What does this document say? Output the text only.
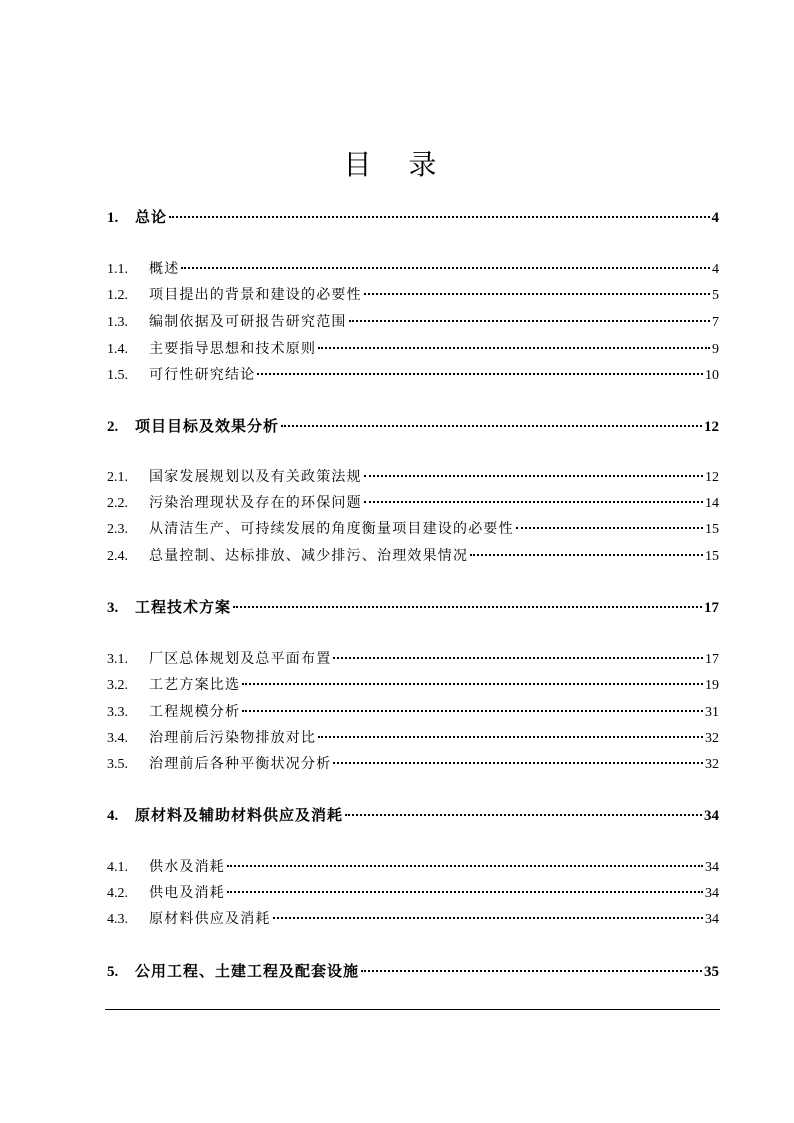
目 录
1.	总论	4
1.1.	概述	4
1.2.	项目提出的背景和建设的必要性	5
1.3.	编制依据及可研报告研究范围	7
1.4.	主要指导思想和技术原则	9
1.5.	可行性研究结论	10
2.	项目目标及效果分析	12
2.1.	国家发展规划以及有关政策法规	12
2.2.	污染治理现状及存在的环保问题	14
2.3.	从清洁生产、可持续发展的角度衡量项目建设的必要性	15
2.4.	总量控制、达标排放、减少排污、治理效果情况	15
3.	工程技术方案	17
3.1.	厂区总体规划及总平面布置	17
3.2.	工艺方案比选	19
3.3.	工程规模分析	31
3.4.	治理前后污染物排放对比	32
3.5.	治理前后各种平衡状况分析	32
4.	原材料及辅助材料供应及消耗	34
4.1.	供水及消耗	34
4.2.	供电及消耗	34
4.3.	原材料供应及消耗	34
5.	公用工程、土建工程及配套设施	35
